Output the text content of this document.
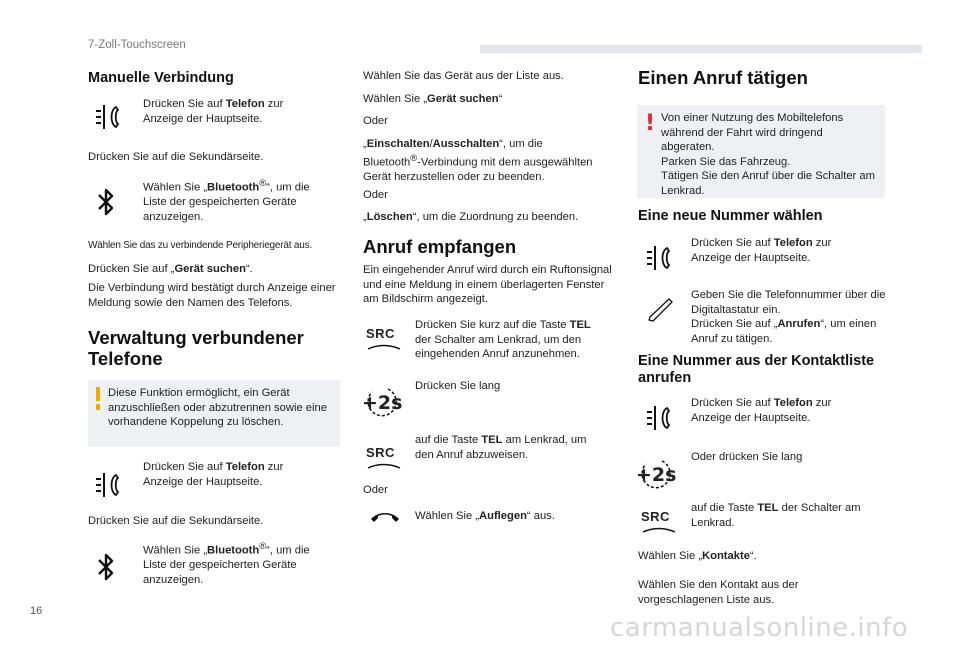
7-Zoll-Touchscreen
Manuelle Verbindung
Drücken Sie auf Telefon zur Anzeige der Hauptseite.
Drücken Sie auf die Sekundärseite.
Wählen Sie „Bluetooth®“, um die Liste der gespeicherten Geräte anzuzeigen.
Wählen Sie das zu verbindende Peripheriegerät aus.
Drücken Sie auf „Gerät suchen“.
Die Verbindung wird bestätigt durch Anzeige einer Meldung sowie den Namen des Telefons.
Verwaltung verbundener Telefone
Diese Funktion ermöglicht, ein Gerät anzuschließen oder abzutrennen sowie eine vorhandene Koppelung zu löschen.
Drücken Sie auf Telefon zur Anzeige der Hauptseite.
Drücken Sie auf die Sekundärseite.
Wählen Sie „Bluetooth®“, um die Liste der gespeicherten Geräte anzuzeigen.
Wählen Sie das Gerät aus der Liste aus.
Wählen Sie „Gerät suchen“
Oder
„Einschalten/Ausschalten“, um die Bluetooth®-Verbindung mit dem ausgewählten Gerät herzustellen oder zu beenden.
Oder
„Löschen“, um die Zuordnung zu beenden.
Anruf empfangen
Ein eingehender Anruf wird durch ein Ruftonsignal und eine Meldung in einem überlagerten Fenster am Bildschirm angezeigt.
SRC
Drücken Sie kurz auf die Taste TEL der Schalter am Lenkrad, um den eingehenden Anruf anzunehmen.
+2s
Drücken Sie lang
SRC
auf die Taste TEL am Lenkrad, um den Anruf abzuweisen.
Oder
Wählen Sie „Auflegen“ aus.
Einen Anruf tätigen
! Von einer Nutzung des Mobiltelefons während der Fahrt wird dringend abgeraten.
Parken Sie das Fahrzeug.
Tätigen Sie den Anruf über die Schalter am Lenkrad.
Eine neue Nummer wählen
Drücken Sie auf Telefon zur Anzeige der Hauptseite.
Geben Sie die Telefonnummer über die Digitaltastatur ein.
Drücken Sie auf „Anrufen“, um einen Anruf zu tätigen.
Eine Nummer aus der Kontaktliste anrufen
Drücken Sie auf Telefon zur Anzeige der Hauptseite.
+2s
Oder drücken Sie lang
SRC
auf die Taste TEL der Schalter am Lenkrad.
Wählen Sie „Kontakte“.
Wählen Sie den Kontakt aus der vorgeschlagenen Liste aus.
16
carmanualsonline.info
